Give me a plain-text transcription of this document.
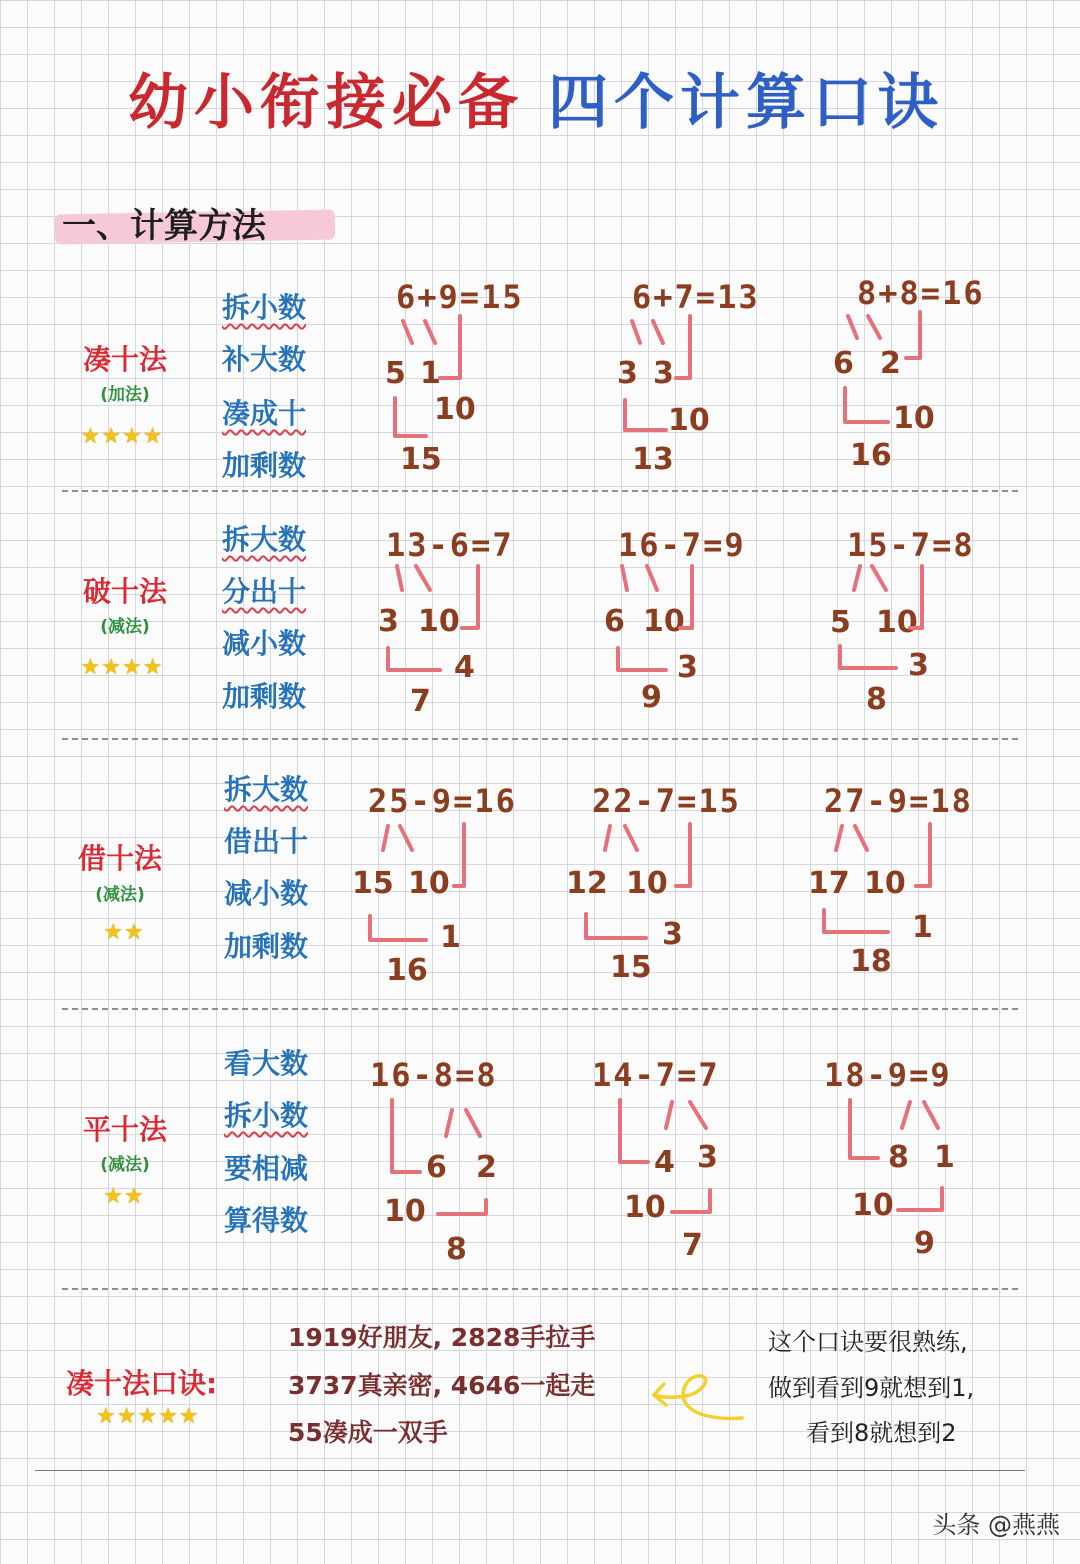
幼小衔接必备 四个计算口诀
一、计算方法
凑十法
(加法)
★★★★
拆小数
补大数
凑成十
加剩数
6+9=15
5 1
10
15
6+7=13
3 3
10
13
8+8=16
6 2
10
16
破十法
(减法)
★★★★
拆大数
分出十
减小数
加剩数
13-6=7
3 10
4
7
16-7=9
6 10
3
9
15-7=8
5 10
3
8
借十法
(减法)
★★
拆大数
借出十
减小数
加剩数
25-9=16
15 10
1
16
22-7=15
12 10
3
15
27-9=18
17 10
1
18
平十法
(减法)
★★
看大数
拆小数
要相减
算得数
16-8=8
6 2
10
8
14-7=7
4 3
10
7
18-9=9
8 1
10
9
凑十法口诀:
★★★★★
1919好朋友, 2828手拉手
3737真亲密, 4646一起走
55凑成一双手
这个口诀要很熟练,
做到看到9就想到1,
看到8就想到2
头条 @燕燕
